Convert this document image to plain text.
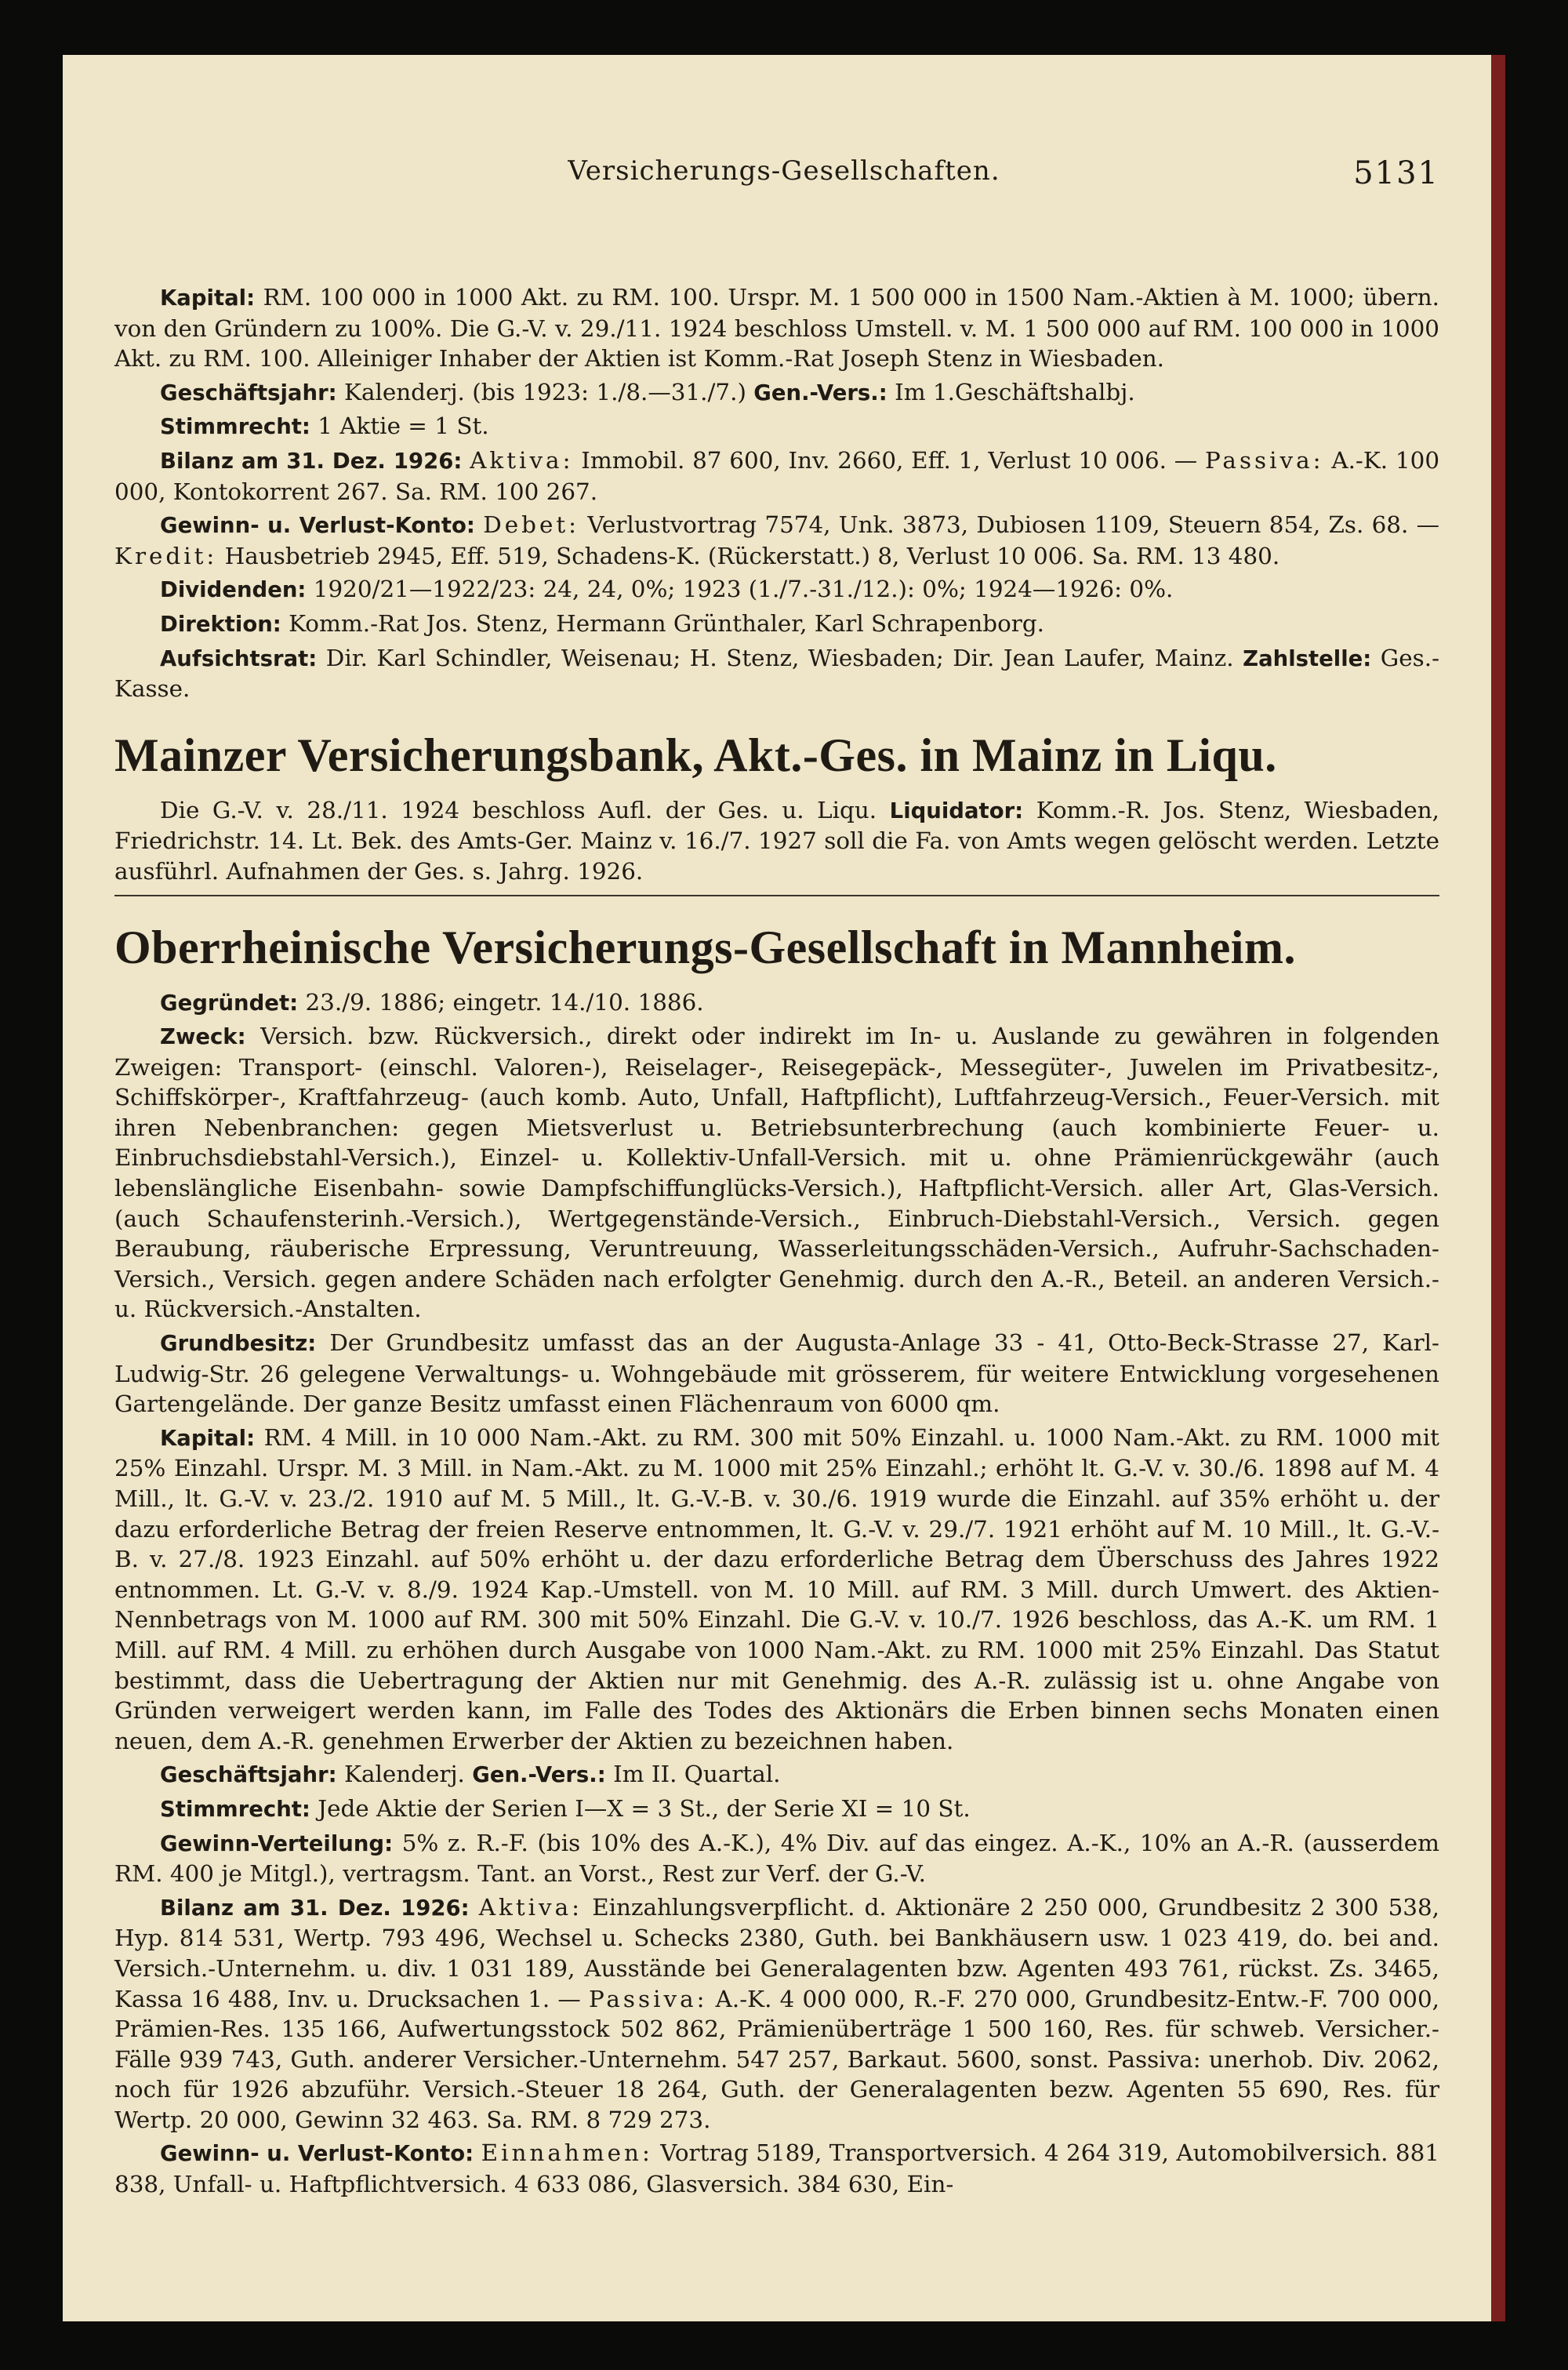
Versicherungs-Gesellschaften.	5131

Kapital: RM. 100 000 in 1000 Akt. zu RM. 100. Urspr. M. 1 500 000 in 1500 Nam.-Aktien à M. 1000; übern. von den Gründern zu 100%. Die G.-V. v. 29./11. 1924 beschloss Umstell. v. M. 1 500 000 auf RM. 100 000 in 1000 Akt. zu RM. 100. Alleiniger Inhaber der Aktien ist Komm.-Rat Joseph Stenz in Wiesbaden.

Geschäftsjahr: Kalenderj. (bis 1923: 1./8.—31./7.) Gen.-Vers.: Im 1.Geschäftshalbj.

Stimmrecht: 1 Aktie = 1 St.

Bilanz am 31. Dez. 1926: Aktiva: Immobil. 87 600, Inv. 2660, Eff. 1, Verlust 10 006. — Passiva: A.-K. 100 000, Kontokorrent 267. Sa. RM. 100 267.

Gewinn- u. Verlust-Konto: Debet: Verlustvortrag 7574, Unk. 3873, Dubiosen 1109, Steuern 854, Zs. 68. — Kredit: Hausbetrieb 2945, Eff. 519, Schadens-K. (Rückerstatt.) 8, Verlust 10 006. Sa. RM. 13 480.

Dividenden: 1920/21—1922/23: 24, 24, 0%; 1923 (1./7.-31./12.): 0%; 1924—1926: 0%.

Direktion: Komm.-Rat Jos. Stenz, Hermann Grünthaler, Karl Schrapenborg.

Aufsichtsrat: Dir. Karl Schindler, Weisenau; H. Stenz, Wiesbaden; Dir. Jean Laufer, Mainz. Zahlstelle: Ges.-Kasse.

Mainzer Versicherungsbank, Akt.-Ges. in Mainz in Liqu.

Die G.-V. v. 28./11. 1924 beschloss Aufl. der Ges. u. Liqu. Liquidator: Komm.-R. Jos. Stenz, Wiesbaden, Friedrichstr. 14. Lt. Bek. des Amts-Ger. Mainz v. 16./7. 1927 soll die Fa. von Amts wegen gelöscht werden. Letzte ausführl. Aufnahmen der Ges. s. Jahrg. 1926.

Oberrheinische Versicherungs-Gesellschaft in Mannheim.

Gegründet: 23./9. 1886; eingetr. 14./10. 1886.

Zweck: Versich. bzw. Rückversich., direkt oder indirekt im In- u. Auslande zu gewähren in folgenden Zweigen: Transport- (einschl. Valoren-), Reiselager-, Reisegepäck-, Messegüter-, Juwelen im Privatbesitz-, Schiffskörper-, Kraftfahrzeug- (auch komb. Auto, Unfall, Haftpflicht), Luftfahrzeug-Versich., Feuer-Versich. mit ihren Nebenbranchen: gegen Mietsverlust u. Betriebsunterbrechung (auch kombinierte Feuer- u. Einbruchsdiebstahl-Versich.), Einzel- u. Kollektiv-Unfall-Versich. mit u. ohne Prämienrückgewähr (auch lebenslängliche Eisenbahn- sowie Dampfschiffunglücks-Versich.), Haftpflicht-Versich. aller Art, Glas-Versich. (auch Schaufensterinh.-Versich.), Wertgegenstände-Versich., Einbruch-Diebstahl-Versich., Versich. gegen Beraubung, räuberische Erpressung, Veruntreuung, Wasserleitungsschäden-Versich., Aufruhr-Sachschaden-Versich., Versich. gegen andere Schäden nach erfolgter Genehmig. durch den A.-R., Beteil. an anderen Versich.- u. Rückversich.-Anstalten.

Grundbesitz: Der Grundbesitz umfasst das an der Augusta-Anlage 33 - 41, Otto-Beck-Strasse 27, Karl-Ludwig-Str. 26 gelegene Verwaltungs- u. Wohngebäude mit grösserem, für weitere Entwicklung vorgesehenen Gartengelände. Der ganze Besitz umfasst einen Flächenraum von 6000 qm.

Kapital: RM. 4 Mill. in 10 000 Nam.-Akt. zu RM. 300 mit 50% Einzahl. u. 1000 Nam.-Akt. zu RM. 1000 mit 25% Einzahl. Urspr. M. 3 Mill. in Nam.-Akt. zu M. 1000 mit 25% Einzahl.; erhöht lt. G.-V. v. 30./6. 1898 auf M. 4 Mill., lt. G.-V. v. 23./2. 1910 auf M. 5 Mill., lt. G.-V.-B. v. 30./6. 1919 wurde die Einzahl. auf 35% erhöht u. der dazu erforderliche Betrag der freien Reserve entnommen, lt. G.-V. v. 29./7. 1921 erhöht auf M. 10 Mill., lt. G.-V.-B. v. 27./8. 1923 Einzahl. auf 50% erhöht u. der dazu erforderliche Betrag dem Überschuss des Jahres 1922 entnommen. Lt. G.-V. v. 8./9. 1924 Kap.-Umstell. von M. 10 Mill. auf RM. 3 Mill. durch Umwert. des Aktien-Nennbetrags von M. 1000 auf RM. 300 mit 50% Einzahl. Die G.-V. v. 10./7. 1926 beschloss, das A.-K. um RM. 1 Mill. auf RM. 4 Mill. zu erhöhen durch Ausgabe von 1000 Nam.-Akt. zu RM. 1000 mit 25% Einzahl. Das Statut bestimmt, dass die Uebertragung der Aktien nur mit Genehmig. des A.-R. zulässig ist u. ohne Angabe von Gründen verweigert werden kann, im Falle des Todes des Aktionärs die Erben binnen sechs Monaten einen neuen, dem A.-R. genehmen Erwerber der Aktien zu bezeichnen haben.

Geschäftsjahr: Kalenderj. Gen.-Vers.: Im II. Quartal.

Stimmrecht: Jede Aktie der Serien I—X = 3 St., der Serie XI = 10 St.

Gewinn-Verteilung: 5% z. R.-F. (bis 10% des A.-K.), 4% Div. auf das eingez. A.-K., 10% an A.-R. (ausserdem RM. 400 je Mitgl.), vertragsm. Tant. an Vorst., Rest zur Verf. der G.-V.

Bilanz am 31. Dez. 1926: Aktiva: Einzahlungsverpflicht. d. Aktionäre 2 250 000, Grundbesitz 2 300 538, Hyp. 814 531, Wertp. 793 496, Wechsel u. Schecks 2380, Guth. bei Bankhäusern usw. 1 023 419, do. bei and. Versich.-Unternehm. u. div. 1 031 189, Ausstände bei Generalagenten bzw. Agenten 493 761, rückst. Zs. 3465, Kassa 16 488, Inv. u. Drucksachen 1. — Passiva: A.-K. 4 000 000, R.-F. 270 000, Grundbesitz-Entw.-F. 700 000, Prämien-Res. 135 166, Aufwertungsstock 502 862, Prämienüberträge 1 500 160, Res. für schweb. Versicher.-Fälle 939 743, Guth. anderer Versicher.-Unternehm. 547 257, Barkaut. 5600, sonst. Passiva: unerhob. Div. 2062, noch für 1926 abzuführ. Versich.-Steuer 18 264, Guth. der Generalagenten bezw. Agenten 55 690, Res. für Wertp. 20 000, Gewinn 32 463. Sa. RM. 8 729 273.

Gewinn- u. Verlust-Konto: Einnahmen: Vortrag 5189, Transportversich. 4 264 319, Automobilversich. 881 838, Unfall- u. Haftpflichtversich. 4 633 086, Glasversich. 384 630, Ein-
